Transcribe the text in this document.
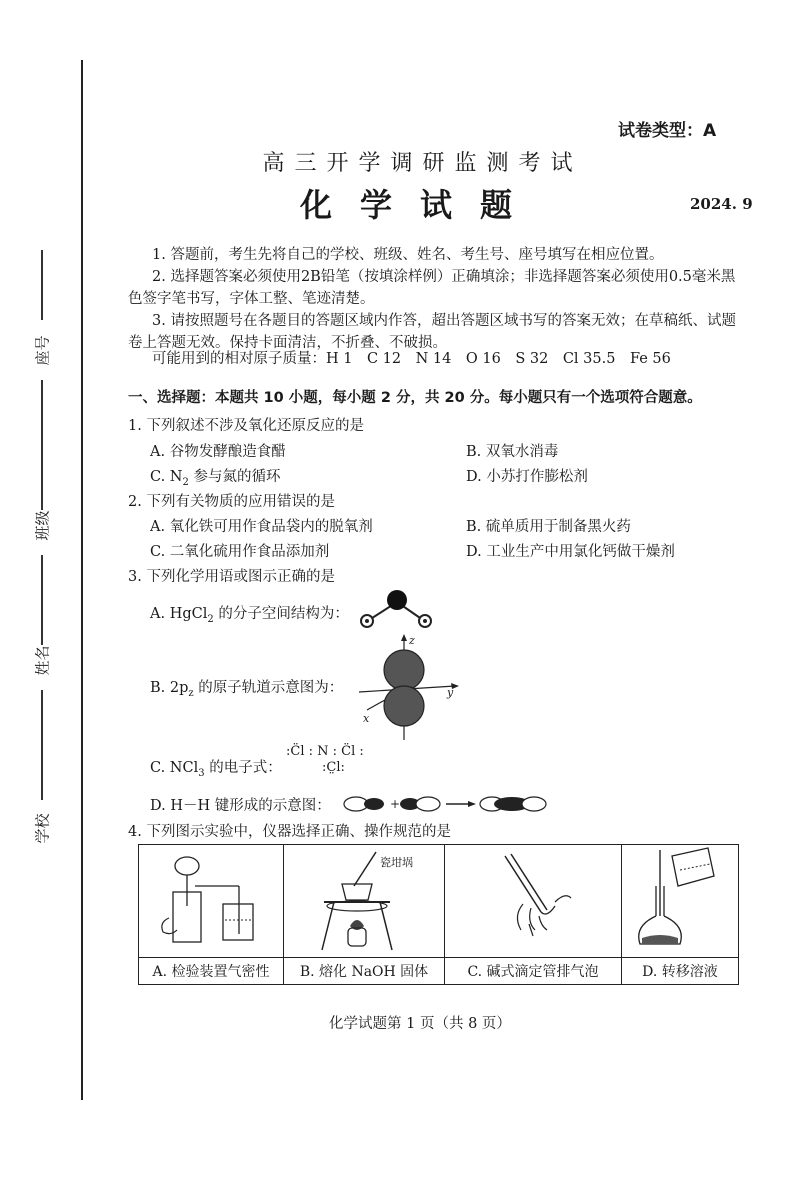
座号
班级
姓名
学校
试卷类型：A
高三开学调研监测考试
化学试题	2024. 9
1. 答题前，考生先将自己的学校、班级、姓名、考生号、座号填写在相应位置。
2. 选择题答案必须使用2B铅笔（按填涂样例）正确填涂；非选择题答案必须使用0.5毫米黑色签字笔书写，字体工整、笔迹清楚。
3. 请按照题号在各题目的答题区域内作答，超出答题区域书写的答案无效；在草稿纸、试题卷上答题无效。保持卡面清洁，不折叠、不破损。
可能用到的相对原子质量：H 1　C 12　N 14　O 16　S 32　Cl 35.5　Fe 56
一、选择题：本题共 10 小题，每小题 2 分，共 20 分。每小题只有一个选项符合题意。
1. 下列叙述不涉及氧化还原反应的是
A. 谷物发酵酿造食醋	B. 双氧水消毒
C. $N_2$ 参与氮的循环	D. 小苏打作膨松剂
2. 下列有关物质的应用错误的是
A. 氧化铁可用作食品袋内的脱氧剂	B. 硫单质用于制备黑火药
C. 二氧化硫用作食品添加剂	D. 工业生产中用氯化钙做干燥剂
3. 下列化学用语或图示正确的是
A. HgCl$_2$ 的分子空间结构为：
B. $2p_z$ 的原子轨道示意图为：
z
y
x
C. NCl$_3$ 的电子式：
:C̈l : N : C̈l :
:C̤l:
D. H－H 键形成的示意图：	+
4. 下列图示实验中，仪器选择正确、操作规范的是

瓷坩埚

A. 检验装置气密性	B. 熔化 NaOH 固体	C. 碱式滴定管排气泡	D. 转移溶液
化学试题第 1 页（共 8 页）
